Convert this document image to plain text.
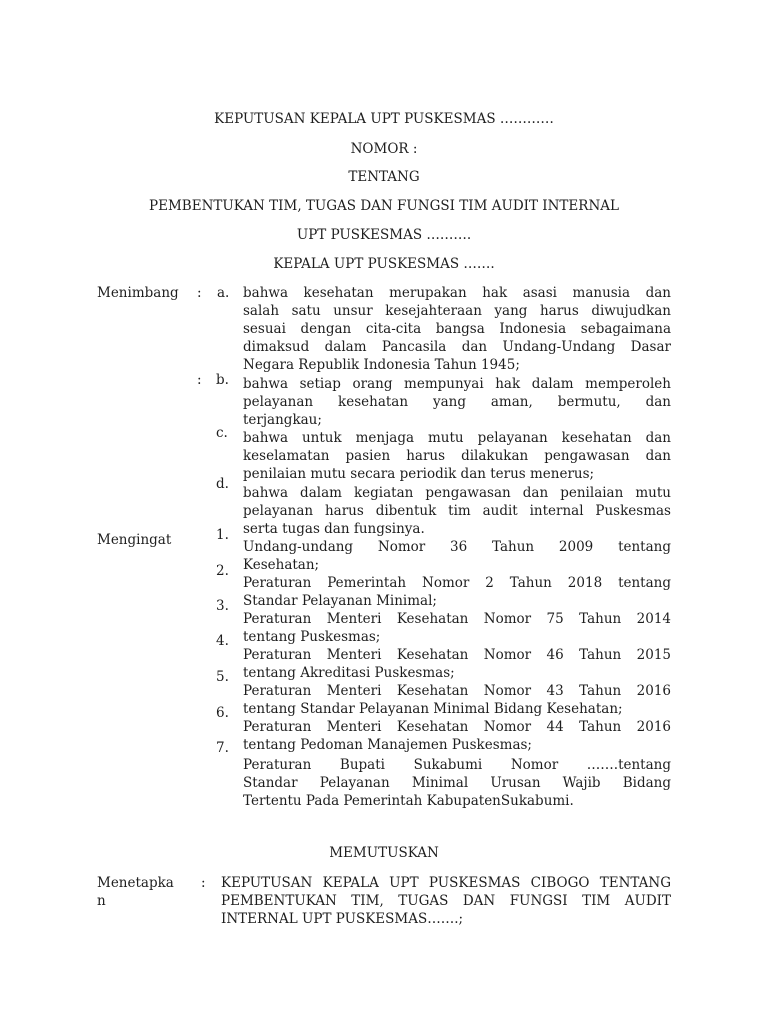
KEPUTUSAN KEPALA UPT PUSKESMAS …………
NOMOR :
TENTANG
PEMBENTUKAN TIM, TUGAS DAN FUNGSI TIM AUDIT INTERNAL
UPT PUSKESMAS ……….
KEPALA UPT PUSKESMAS …….
Menimbang : a. bahwa kesehatan merupakan hak asasi manusia dan
salah satu unsur kesejahteraan yang harus diwujudkan
sesuai dengan cita-cita bangsa Indonesia sebagaimana
dimaksud dalam Pancasila dan Undang-Undang Dasar
Negara Republik Indonesia Tahun 1945;
: b. bahwa setiap orang mempunyai hak dalam memperoleh
pelayanan kesehatan yang aman, bermutu, dan
terjangkau;
c. bahwa untuk menjaga mutu pelayanan kesehatan dan
keselamatan pasien harus dilakukan pengawasan dan
penilaian mutu secara periodik dan terus menerus;
d.
bahwa dalam kegiatan pengawasan dan penilaian mutu
pelayanan harus dibentuk tim audit internal Puskesmas
serta tugas dan fungsinya.
Mengingat	1.
Undang-undang Nomor 36 Tahun 2009 tentang
Kesehatan;
2.
Peraturan Pemerintah Nomor 2 Tahun 2018 tentang
Standar Pelayanan Minimal;
3.
Peraturan Menteri Kesehatan Nomor 75 Tahun 2014
tentang Puskesmas;
4.
Peraturan Menteri Kesehatan Nomor 46 Tahun 2015
tentang Akreditasi Puskesmas;
5.
Peraturan Menteri Kesehatan Nomor 43 Tahun 2016
tentang Standar Pelayanan Minimal Bidang Kesehatan;
6.
Peraturan Menteri Kesehatan Nomor 44 Tahun 2016
tentang Pedoman Manajemen Puskesmas;
7.
Peraturan Bupati Sukabumi Nomor …….tentang
Standar Pelayanan Minimal Urusan Wajib Bidang
Tertentu Pada Pemerintah KabupatenSukabumi.
MEMUTUSKAN
Menetapka
n
: KEPUTUSAN KEPALA UPT PUSKESMAS CIBOGO TENTANG
PEMBENTUKAN TIM, TUGAS DAN FUNGSI TIM AUDIT
INTERNAL UPT PUSKESMAS…….;
